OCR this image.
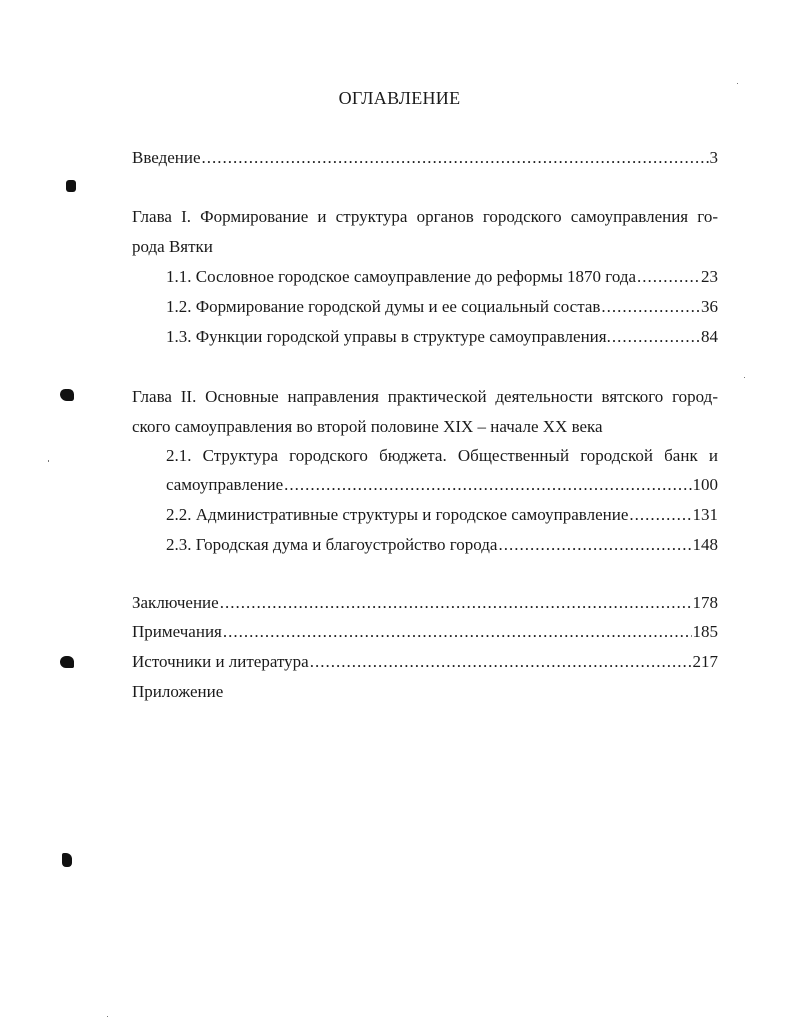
ОГЛАВЛЕНИЕ
Введение .....	3
Глава I. Формирование и структура органов городского самоуправления го-
рода Вятки
1.1. Сословное городское самоуправление до реформы 1870 года .....	23
1.2. Формирование городской думы и ее социальный состав .....	36
1.3. Функции городской управы в структуре самоуправления. .....	84
Глава II. Основные направления практической деятельности вятского город-
ского самоуправления во второй половине XIX – начале XX века
2.1. Структура городского бюджета. Общественный городской банк и
самоуправление .....	100
2.2. Административные структуры и городское самоуправление .....	131
2.3. Городская дума и благоустройство города .....	148
Заключение .....	178
Примечания .....	185
Источники и литература .....	217
Приложение
